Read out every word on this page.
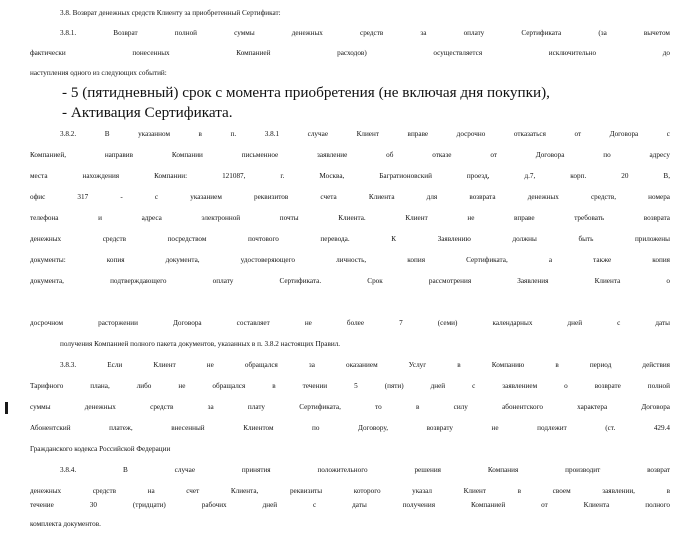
3.8. Возврат денежных средств Клиенту за приобретенный Сертификат:
3.8.1. Возврат полной суммы денежных средств за оплату Сертификата (за вычетом
фактически понесенных Компанией расходов) осуществляется исключительно до
наступления одного из следующих событий:
- 5 (пятидневный) срок с момента приобретения (не включая дня покупки),
- Активация Сертификата.
3.8.2. В указанном в п. 3.8.1 случае Клиент вправе досрочно отказаться от Договора с
Компанией, направив Компании письменное заявление об отказе от Договора по адресу
места нахождения Компании: 121087, г. Москва, Багратионовский проезд, д.7, корп. 20 В,
офис 317 - с указанием реквизитов счета Клиента для возврата денежных средств, номера
телефона и адреса электронной почты Клиента. Клиент не вправе требовать возврата
денежных средств посредством почтового перевода. К Заявлению должны быть приложены
документы: копия документа, удостоверяющего личность, копия Сертификата, а также копия
документа, подтверждающего оплату Сертификата. Срок рассмотрения Заявления Клиента о
досрочном расторжении Договора составляет не более 7 (семи) календарных дней с даты
получения Компанией полного пакета документов, указанных в п. 3.8.2 настоящих Правил.
3.8.3. Если Клиент не обращался за оказанием Услуг в Компанию в период действия
Тарифного плана, либо не обращался в течении 5 (пяти) дней с заявлением о возврате полной
суммы денежных средств за плату Сертификата, то в силу абонентского характера Договора
Абонентский платеж, внесенный Клиентом по Договору, возврату не подлежит (ст. 429.4
Гражданского кодекса Российской Федерации
3.8.4. В случае принятия положительного решения Компания производит возврат
денежных средств на счет Клиента, реквизиты которого указал Клиент в своем заявлении, в
течение 30 (тридцати) рабочих дней с даты получения Компанией от Клиента полного
комплекта документов.
